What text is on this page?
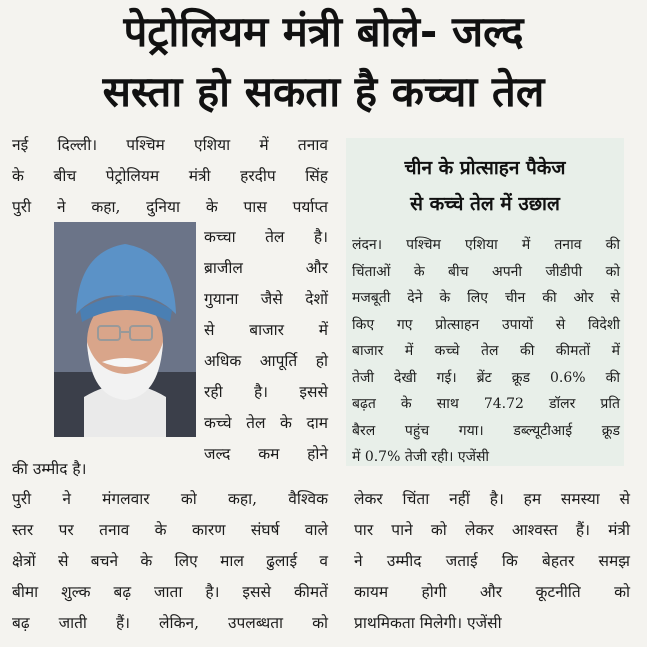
पेट्रोलियम मंत्री बोले- जल्द
सस्ता हो सकता है कच्चा तेल
नई दिल्ली। पश्चिम एशिया में तनाव
के बीच पेट्रोलियम मंत्री हरदीप सिंह
पुरी ने कहा, दुनिया के पास पर्याप्त
कच्चा तेल है।
ब्राजील और
गुयाना जैसे देशों
से बाजार में
अधिक आपूर्ति हो
रही है। इससे
कच्चे तेल के दाम
जल्द कम होने
की उम्मीद है।
चीन के प्रोत्साहन पैकेज
से कच्चे तेल में उछाल
लंदन। पश्चिम एशिया में तनाव की
चिंताओं के बीच अपनी जीडीपी को
मजबूती देने के लिए चीन की ओर से
किए गए प्रोत्साहन उपायों से विदेशी
बाजार में कच्चे तेल की कीमतों में
तेजी देखी गई। ब्रेंट क्रूड 0.6% की
बढ़त के साथ 74.72 डॉलर प्रति
बैरल पहुंच गया। डब्ल्यूटीआई क्रूड
में 0.7% तेजी रही। एजेंसी
पुरी ने मंगलवार को कहा, वैश्विक
स्तर पर तनाव के कारण संघर्ष वाले
क्षेत्रों से बचने के लिए माल ढुलाई व
बीमा शुल्क बढ़ जाता है। इससे कीमतें
बढ़ जाती हैं। लेकिन, उपलब्धता को
लेकर चिंता नहीं है। हम समस्या से
पार पाने को लेकर आश्वस्त हैं। मंत्री
ने उम्मीद जताई कि बेहतर समझ
कायम होगी और कूटनीति को
प्राथमिकता मिलेगी। एजेंसी
